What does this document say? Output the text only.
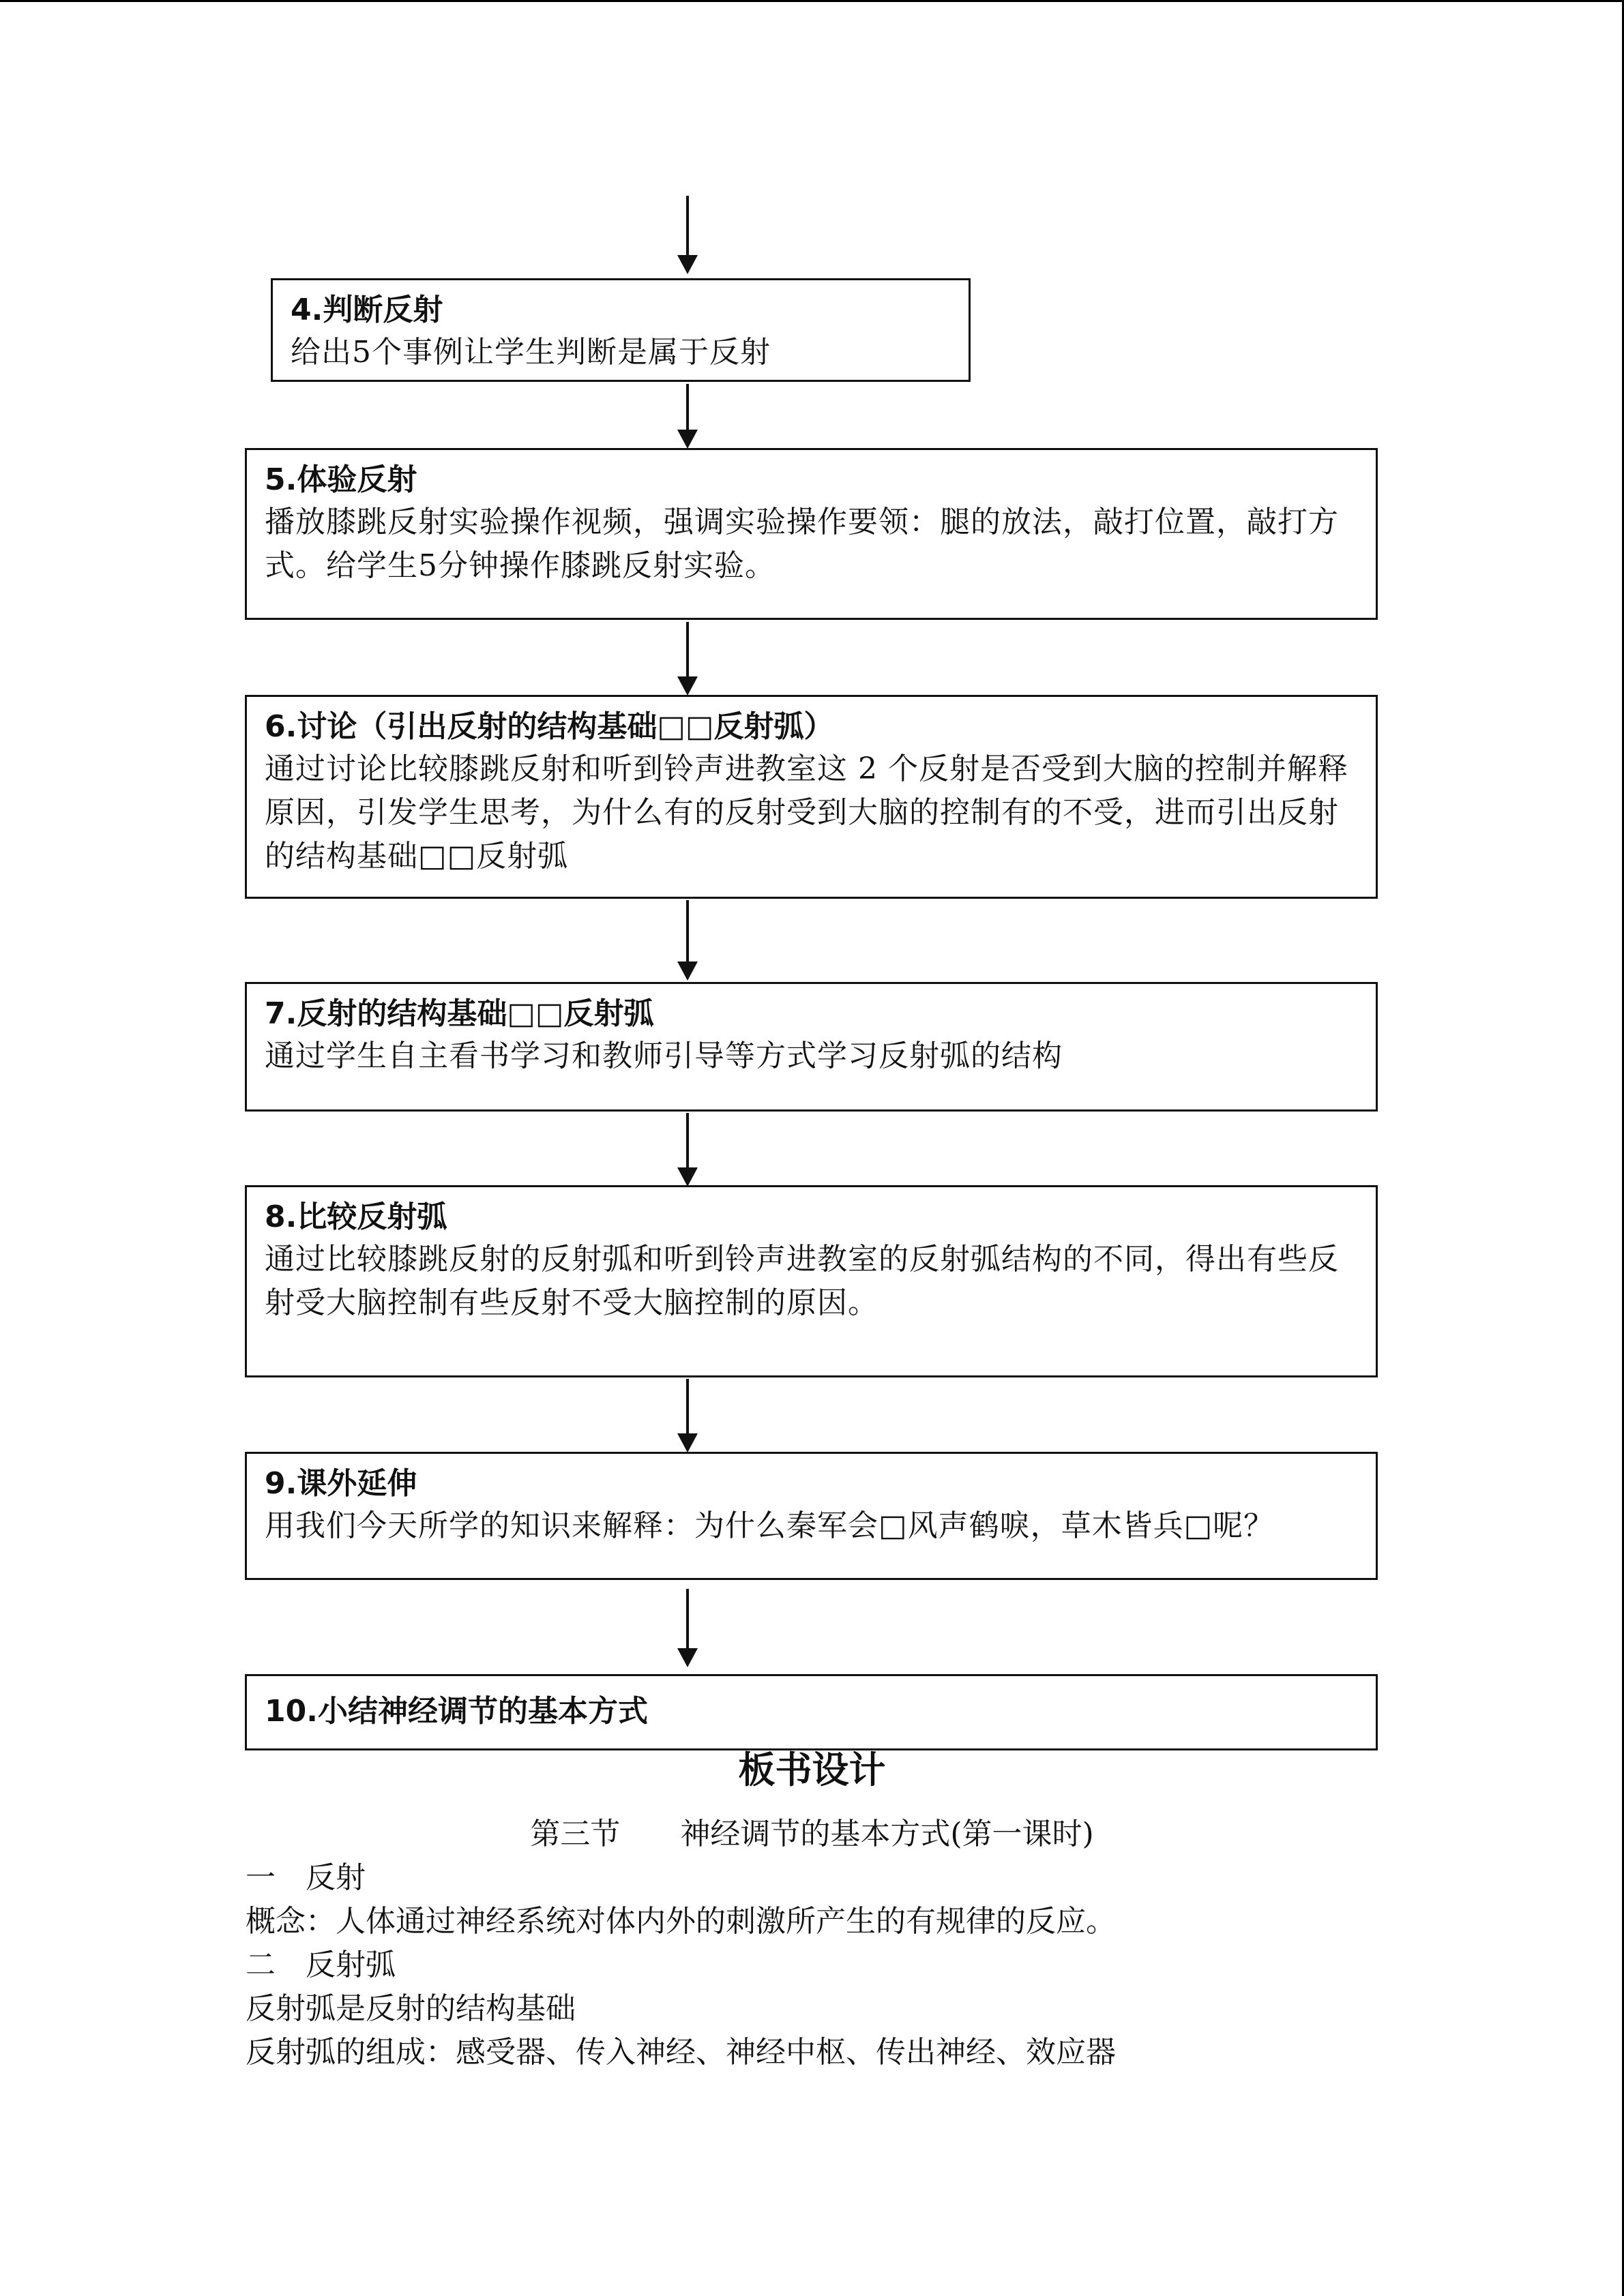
4.判断反射
给出5个事例让学生判断是属于反射
5.体验反射
播放膝跳反射实验操作视频，强调实验操作要领：腿的放法，敲打位置，敲打方式。给学生5分钟操作膝跳反射实验。
6.讨论（引出反射的结构基础□□反射弧）
通过讨论比较膝跳反射和听到铃声进教室这 2 个反射是否受到大脑的控制并解释原因，引发学生思考，为什么有的反射受到大脑的控制有的不受，进而引出反射的结构基础□□反射弧
7.反射的结构基础□□反射弧
通过学生自主看书学习和教师引导等方式学习反射弧的结构
8.比较反射弧
通过比较膝跳反射的反射弧和听到铃声进教室的反射弧结构的不同，得出有些反射受大脑控制有些反射不受大脑控制的原因。
9.课外延伸
用我们今天所学的知识来解释：为什么秦军会□风声鹤唳，草木皆兵□呢？
10.小结神经调节的基本方式
板书设计
第三节　　神经调节的基本方式(第一课时)
一　反射
概念：人体通过神经系统对体内外的刺激所产生的有规律的反应。
二　反射弧
反射弧是反射的结构基础
反射弧的组成：感受器、传入神经、神经中枢、传出神经、效应器
